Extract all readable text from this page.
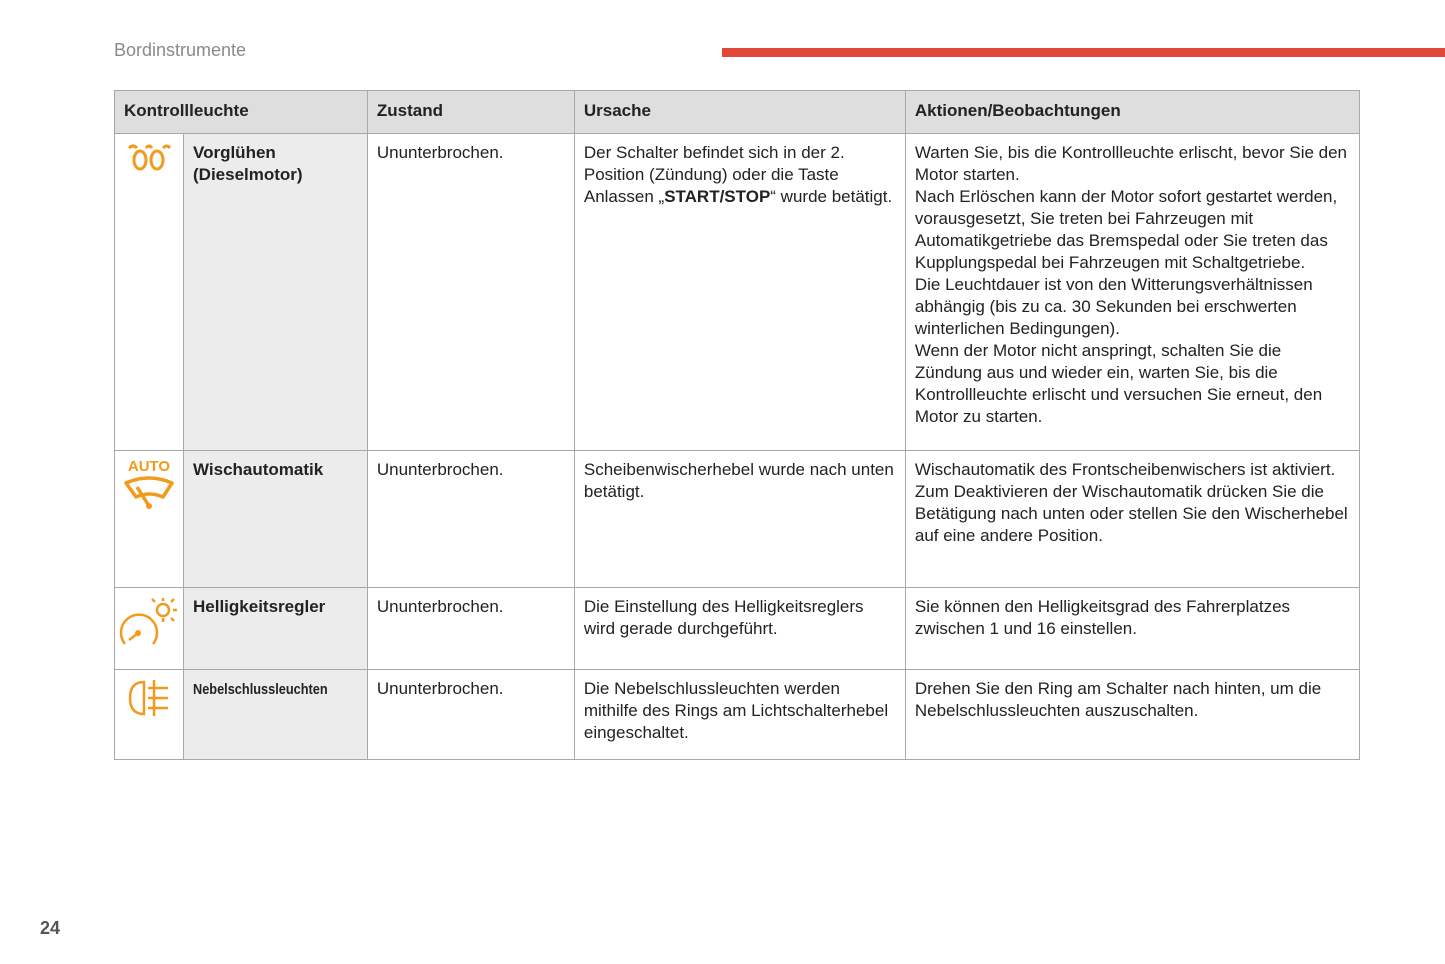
Bordinstrumente
Kontrollleuchte		Zustand	Ursache	Aktionen/Beobachtungen
	Vorglühen (Dieselmotor)	Ununterbrochen.	Der Schalter befindet sich in der 2. Position (Zündung) oder die Taste Anlassen „START/STOP“ wurde betätigt.	Warten Sie, bis die Kontrollleuchte erlischt, bevor Sie den Motor starten.
Nach Erlöschen kann der Motor sofort gestartet werden, vorausgesetzt, Sie treten bei Fahrzeugen mit Automatikgetriebe das Bremspedal oder Sie treten das Kupplungspedal bei Fahrzeugen mit Schaltgetriebe.
Die Leuchtdauer ist von den Witterungsverhältnissen abhängig (bis zu ca. 30 Sekunden bei erschwerten winterlichen Bedingungen).
Wenn der Motor nicht anspringt, schalten Sie die Zündung aus und wieder ein, warten Sie, bis die Kontrollleuchte erlischt und versuchen Sie erneut, den Motor zu starten.

AUTO	Wischautomatik	Ununterbrochen.	Scheibenwischerhebel wurde nach unten betätigt.	Wischautomatik des Frontscheibenwischers ist aktiviert.
Zum Deaktivieren der Wischautomatik drücken Sie die Betätigung nach unten oder stellen Sie den Wischerhebel auf eine andere Position.

	Helligkeitsregler	Ununterbrochen.	Die Einstellung des Helligkeitsreglers wird gerade durchgeführt.	Sie können den Helligkeitsgrad des Fahrerplatzes zwischen 1 und 16 einstellen.
	Nebelschlussleuchten	Ununterbrochen.	Die Nebelschlussleuchten werden mithilfe des Rings am Lichtschalterhebel eingeschaltet.	Drehen Sie den Ring am Schalter nach hinten, um die Nebelschlussleuchten auszuschalten.
24
